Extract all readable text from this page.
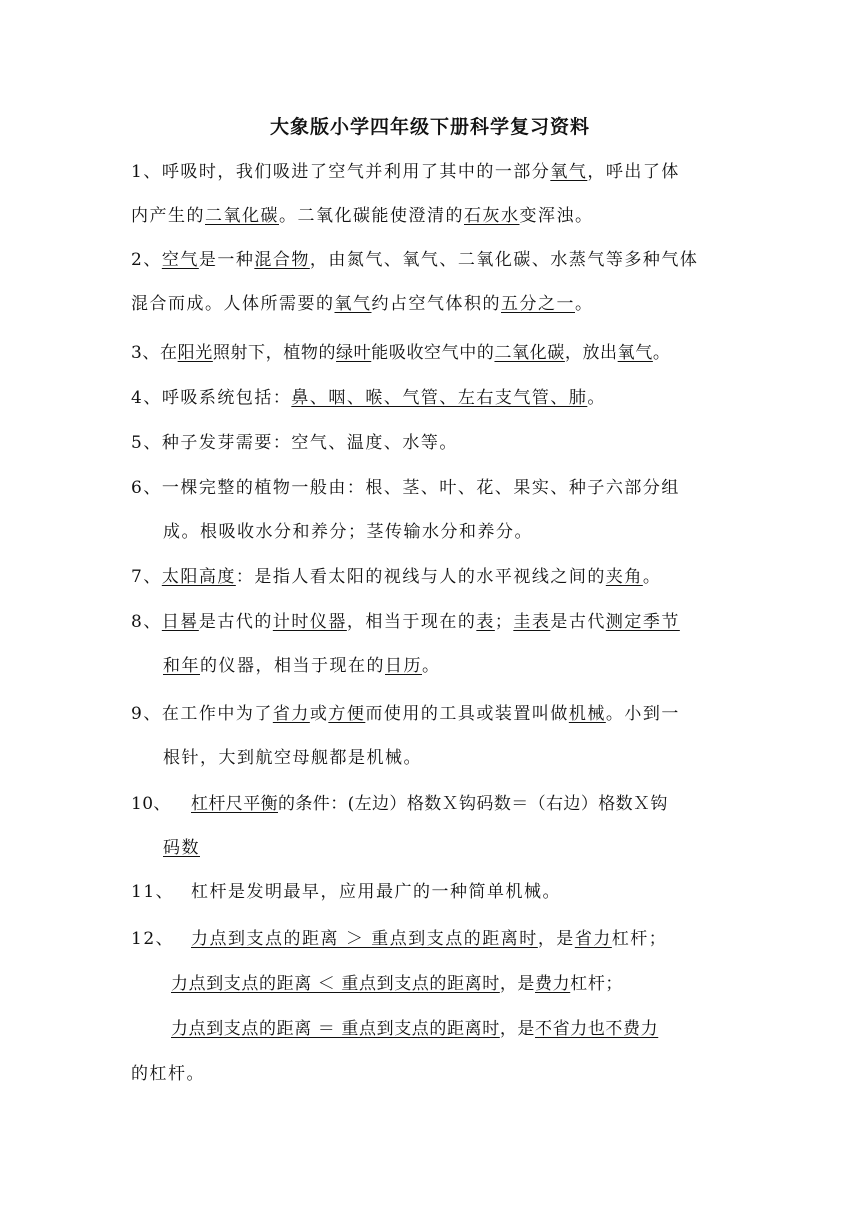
大象版小学四年级下册科学复习资料
1、呼吸时，我们吸进了空气并利用了其中的一部分氧气，呼出了体
内产生的二氧化碳。二氧化碳能使澄清的石灰水变浑浊。
2、空气是一种混合物，由氮气、氧气、二氧化碳、水蒸气等多种气体
混合而成。人体所需要的氧气约占空气体积的五分之一。
3、在阳光照射下，植物的绿叶能吸收空气中的二氧化碳，放出氧气。
4、呼吸系统包括：鼻、咽、喉、气管、左右支气管、肺。
5、种子发芽需要：空气、温度、水等。
6、一棵完整的植物一般由：根、茎、叶、花、果实、种子六部分组
成。根吸收水分和养分；茎传输水分和养分。
7、太阳高度：是指人看太阳的视线与人的水平视线之间的夹角。
8、日晷是古代的计时仪器，相当于现在的表；圭表是古代测定季节
和年的仪器，相当于现在的日历。
9、在工作中为了省力或方便而使用的工具或装置叫做机械。小到一
根针，大到航空母舰都是机械。
10、 杠杆尺平衡的条件：(左边）格数Ｘ钩码数＝（右边）格数Ｘ钩
码数
11、 杠杆是发明最早，应用最广的一种简单机械。
12、 力点到支点的距离 ＞ 重点到支点的距离时，是省力杠杆；
力点到支点的距离 ＜ 重点到支点的距离时，是费力杠杆；
力点到支点的距离 ＝ 重点到支点的距离时，是不省力也不费力
的杠杆。
